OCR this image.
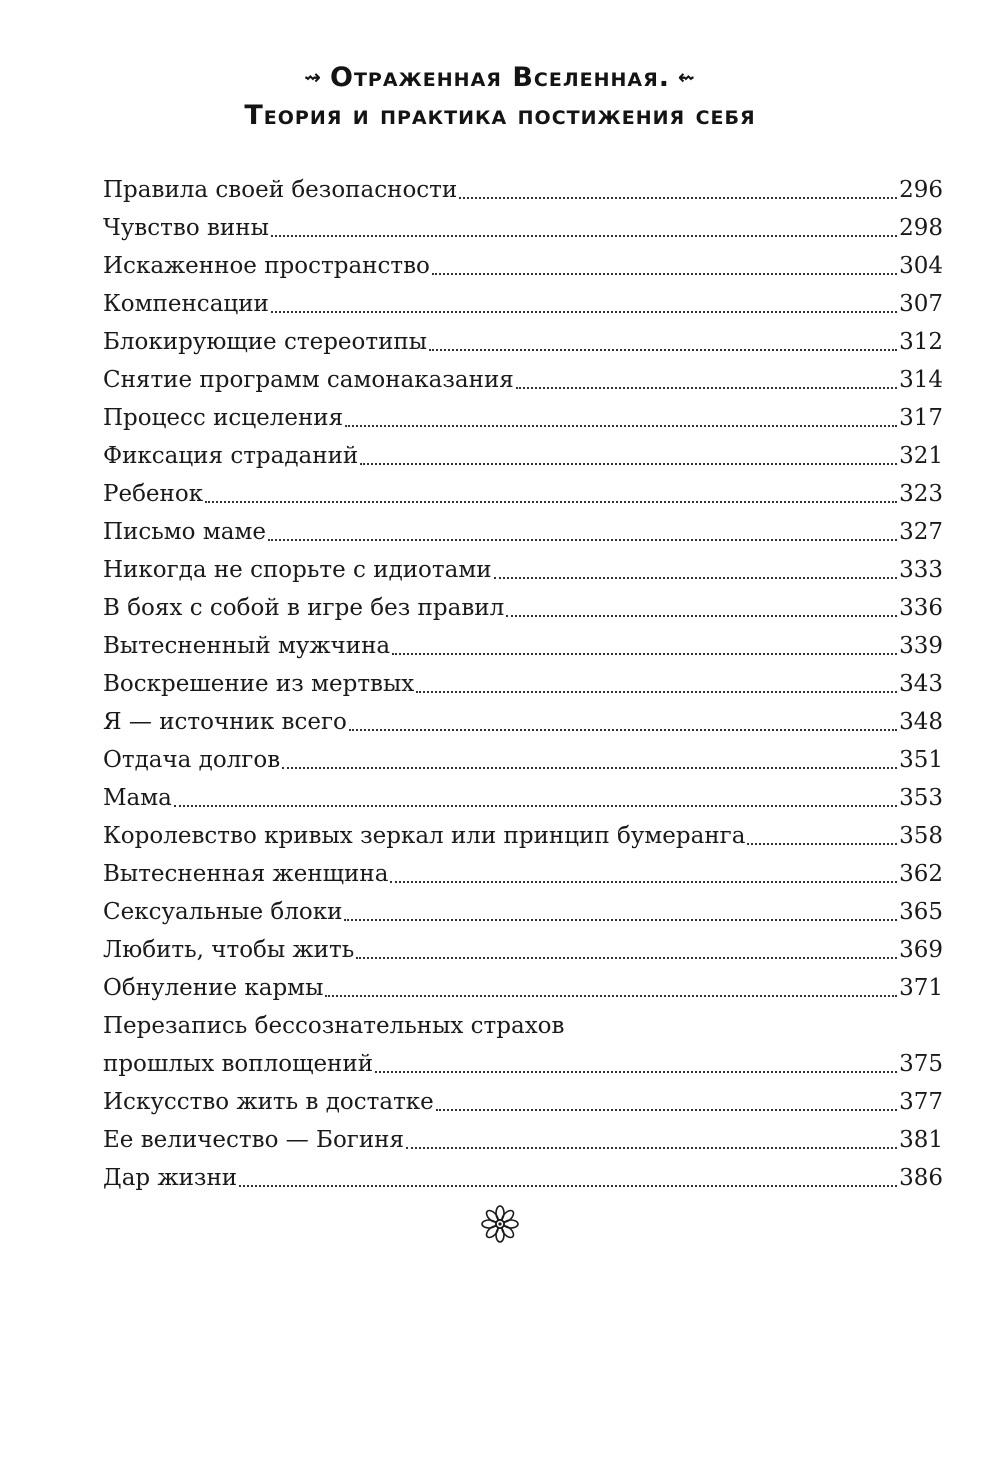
⇝ Отраженная Вселенная. ⇜
Теория и практика постижения себя
Правила своей безопасности	296
Чувство вины	298
Искаженное пространство	304
Компенсации	307
Блокирующие стереотипы	312
Снятие программ самонаказания	314
Процесс исцеления	317
Фиксация страданий	321
Ребенок	323
Письмо маме	327
Никогда не спорьте с идиотами	333
В боях с собой в игре без правил	336
Вытесненный мужчина	339
Воскрешение из мертвых	343
Я — источник всего	348
Отдача долгов	351
Мама	353
Королевство кривых зеркал или принцип бумеранга	358
Вытесненная женщина	362
Сексуальные блоки	365
Любить, чтобы жить	369
Обнуление кармы	371
Перезапись бессознательных страхов
прошлых воплощений	375
Искусство жить в достатке	377
Ее величество — Богиня	381
Дар жизни	386
